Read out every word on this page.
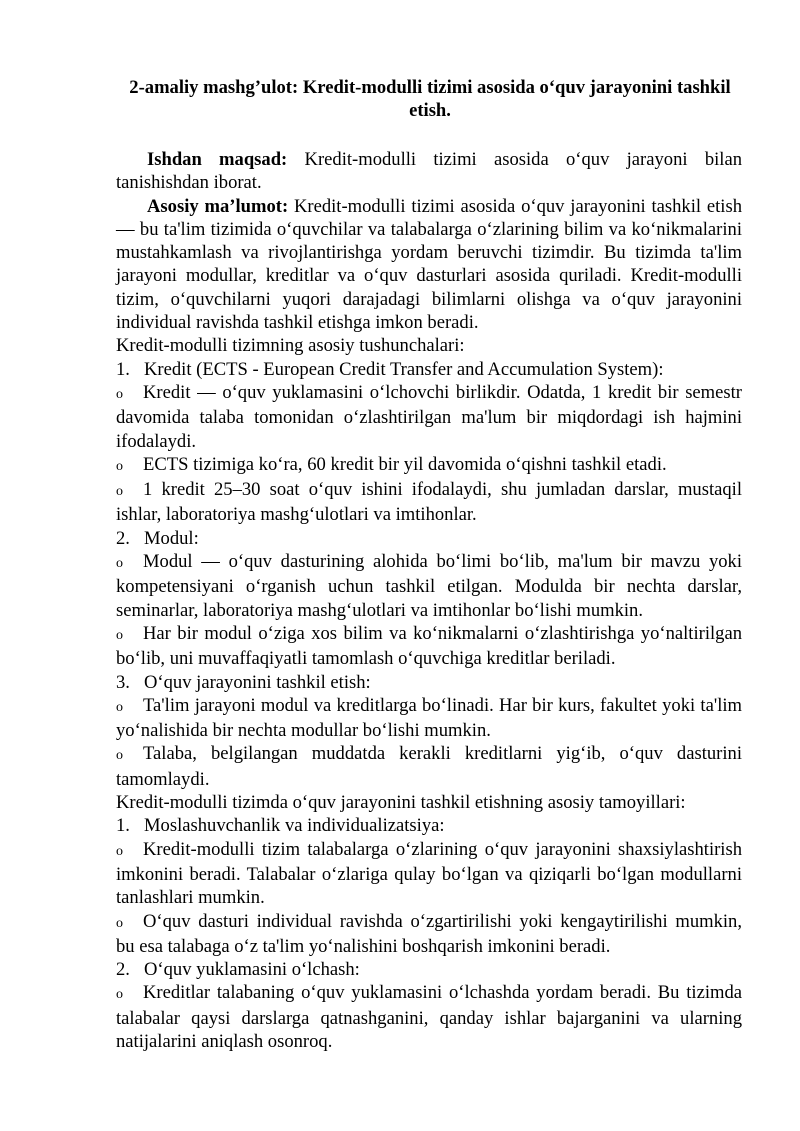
2-amaliy mashg’ulot: Kredit-modulli tizimi asosida o‘quv jarayonini tashkil etish.

Ishdan maqsad: Kredit-modulli tizimi asosida o‘quv jarayoni bilan tanishishdan iborat.

Asosiy ma’lumot: Kredit-modulli tizimi asosida o‘quv jarayonini tashkil etish — bu ta'lim tizimida o‘quvchilar va talabalarga o‘zlarining bilim va ko‘nikmalarini mustahkamlash va rivojlantirishga yordam beruvchi tizimdir. Bu tizimda ta'lim jarayoni modullar, kreditlar va o‘quv dasturlari asosida quriladi. Kredit-modulli tizim, o‘quvchilarni yuqori darajadagi bilimlarni olishga va o‘quv jarayonini individual ravishda tashkil etishga imkon beradi.

Kredit-modulli tizimning asosiy tushunchalari:

1. Kredit (ECTS - European Credit Transfer and Accumulation System):

o Kredit — o‘quv yuklamasini o‘lchovchi birlikdir. Odatda, 1 kredit bir semestr davomida talaba tomonidan o‘zlashtirilgan ma'lum bir miqdordagi ish hajmini ifodalaydi.

o ECTS tizimiga ko‘ra, 60 kredit bir yil davomida o‘qishni tashkil etadi.

o 1 kredit 25–30 soat o‘quv ishini ifodalaydi, shu jumladan darslar, mustaqil ishlar, laboratoriya mashg‘ulotlari va imtihonlar.

2. Modul:

o Modul — o‘quv dasturining alohida bo‘limi bo‘lib, ma'lum bir mavzu yoki kompetensiyani o‘rganish uchun tashkil etilgan. Modulda bir nechta darslar, seminarlar, laboratoriya mashg‘ulotlari va imtihonlar bo‘lishi mumkin.

o Har bir modul o‘ziga xos bilim va ko‘nikmalarni o‘zlashtirishga yo‘naltirilgan bo‘lib, uni muvaffaqiyatli tamomlash o‘quvchiga kreditlar beriladi.

3. O‘quv jarayonini tashkil etish:

o Ta'lim jarayoni modul va kreditlarga bo‘linadi. Har bir kurs, fakultet yoki ta'lim yo‘nalishida bir nechta modullar bo‘lishi mumkin.

o Talaba, belgilangan muddatda kerakli kreditlarni yig‘ib, o‘quv dasturini tamomlaydi.

Kredit-modulli tizimda o‘quv jarayonini tashkil etishning asosiy tamoyillari:

1. Moslashuvchanlik va individualizatsiya:

o Kredit-modulli tizim talabalarga o‘zlarining o‘quv jarayonini shaxsiylashtirish imkonini beradi. Talabalar o‘zlariga qulay bo‘lgan va qiziqarli bo‘lgan modullarni tanlashlari mumkin.

o O‘quv dasturi individual ravishda o‘zgartirilishi yoki kengaytirilishi mumkin, bu esa talabaga o‘z ta'lim yo‘nalishini boshqarish imkonini beradi.

2. O‘quv yuklamasini o‘lchash:

o Kreditlar talabaning o‘quv yuklamasini o‘lchashda yordam beradi. Bu tizimda talabalar qaysi darslarga qatnashganini, qanday ishlar bajarganini va ularning natijalarini aniqlash osonroq.
